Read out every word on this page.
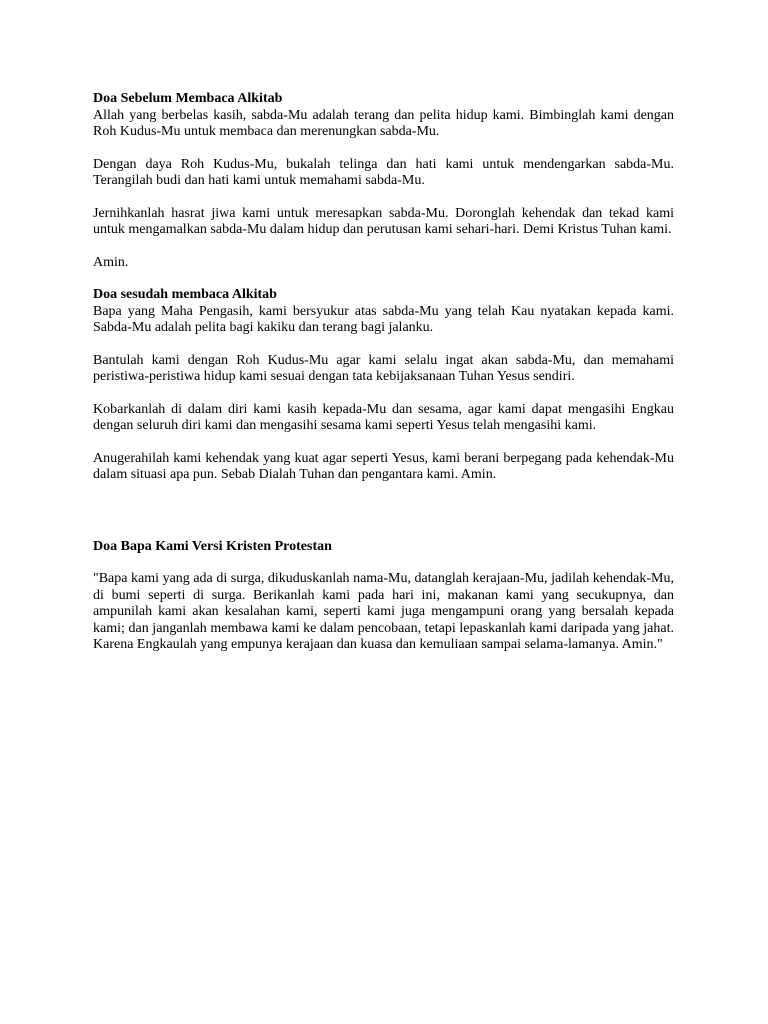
Doa Sebelum Membaca Alkitab

Allah yang berbelas kasih, sabda-Mu adalah terang dan pelita hidup kami. Bimbinglah kami dengan Roh Kudus-Mu untuk membaca dan merenungkan sabda-Mu.

Dengan daya Roh Kudus-Mu, bukalah telinga dan hati kami untuk mendengarkan sabda-Mu. Terangilah budi dan hati kami untuk memahami sabda-Mu.

Jernihkanlah hasrat jiwa kami untuk meresapkan sabda-Mu. Doronglah kehendak dan tekad kami untuk mengamalkan sabda-Mu dalam hidup dan perutusan kami sehari-hari. Demi Kristus Tuhan kami.

Amin.

Doa sesudah membaca Alkitab

Bapa yang Maha Pengasih, kami bersyukur atas sabda-Mu yang telah Kau nyatakan kepada kami. Sabda-Mu adalah pelita bagi kakiku dan terang bagi jalanku.

Bantulah kami dengan Roh Kudus-Mu agar kami selalu ingat akan sabda-Mu, dan memahami peristiwa-peristiwa hidup kami sesuai dengan tata kebijaksanaan Tuhan Yesus sendiri.

Kobarkanlah di dalam diri kami kasih kepada-Mu dan sesama, agar kami dapat mengasihi Engkau dengan seluruh diri kami dan mengasihi sesama kami seperti Yesus telah mengasihi kami.

Anugerahilah kami kehendak yang kuat agar seperti Yesus, kami berani berpegang pada kehendak-Mu dalam situasi apa pun. Sebab Dialah Tuhan dan pengantara kami. Amin.

Doa Bapa Kami Versi Kristen Protestan

"Bapa kami yang ada di surga, dikuduskanlah nama-Mu, datanglah kerajaan-Mu, jadilah kehendak-Mu, di bumi seperti di surga. Berikanlah kami pada hari ini, makanan kami yang secukupnya, dan ampunilah kami akan kesalahan kami, seperti kami juga mengampuni orang yang bersalah kepada kami; dan janganlah membawa kami ke dalam pencobaan, tetapi lepaskanlah kami daripada yang jahat. Karena Engkaulah yang empunya kerajaan dan kuasa dan kemuliaan sampai selama-lamanya. Amin."
